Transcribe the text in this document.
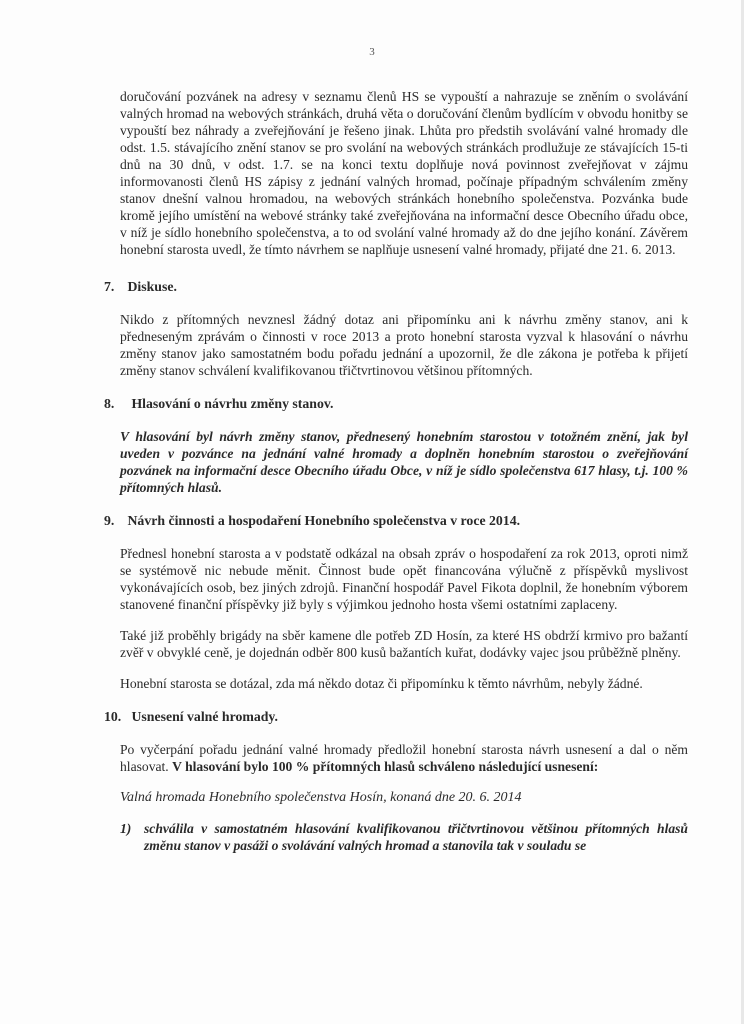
3

doručování pozvánek na adresy v seznamu členů HS se vypouští a nahrazuje se zněním o svolávání valných hromad na webových stránkách, druhá věta o doručování členům bydlícím v obvodu honitby se vypouští bez náhrady a zveřejňování je řešeno jinak. Lhůta pro předstih svolávání valné hromady dle odst. 1.5. stávajícího znění stanov se pro svolání na webových stránkách prodlužuje ze stávajících 15-ti dnů na 30 dnů, v odst. 1.7. se na konci textu doplňuje nová povinnost zveřejňovat v zájmu informovanosti členů HS zápisy z jednání valných hromad, počínaje případným schválením změny stanov dnešní valnou hromadou, na webových stránkách honebního společenstva. Pozvánka bude kromě jejího umístění na webové stránky také zveřejňována na informační desce Obecního úřadu obce, v níž je sídlo honebního společenstva, a to od svolání valné hromady až do dne jejího konání. Závěrem honební starosta uvedl, že tímto návrhem se naplňuje usnesení valné hromady, přijaté dne 21. 6. 2013.

7. Diskuse.

Nikdo z přítomných nevznesl žádný dotaz ani připomínku ani k návrhu změny stanov, ani k předneseným zprávám o činnosti v roce 2013 a proto honební starosta vyzval k hlasování o návrhu změny stanov jako samostatném bodu pořadu jednání a upozornil, že dle zákona je potřeba k přijetí změny stanov schválení kvalifikovanou třičtvrtinovou většinou přítomných.

8. Hlasování o návrhu změny stanov.

V hlasování byl návrh změny stanov, přednesený honebním starostou v totožném znění, jak byl uveden v pozvánce na jednání valné hromady a doplněn honebním starostou o zveřejňování pozvánek na informační desce Obecního úřadu Obce, v níž je sídlo společenstva 617 hlasy, t.j. 100 % přítomných hlasů.

9. Návrh činnosti a hospodaření Honebního společenstva v roce 2014.

Přednesl honební starosta a v podstatě odkázal na obsah zpráv o hospodaření za rok 2013, oproti nimž se systémově nic nebude měnit. Činnost bude opět financována výlučně z příspěvků myslivost vykonávajících osob, bez jiných zdrojů. Finanční hospodář Pavel Fikota doplnil, že honebním výborem stanovené finanční příspěvky již byly s výjimkou jednoho hosta všemi ostatními zaplaceny.

Také již proběhly brigády na sběr kamene dle potřeb ZD Hosín, za které HS obdrží krmivo pro bažantí zvěř v obvyklé ceně, je dojednán odběr 800 kusů bažantích kuřat, dodávky vajec jsou průběžně plněny.

Honební starosta se dotázal, zda má někdo dotaz či připomínku k těmto návrhům, nebyly žádné.

10. Usnesení valné hromady.

Po vyčerpání pořadu jednání valné hromady předložil honební starosta návrh usnesení a dal o něm hlasovat. V hlasování bylo 100 % přítomných hlasů schváleno následující usnesení:

Valná hromada Honebního společenstva Hosín, konaná dne 20. 6. 2014

1) schválila v samostatném hlasování kvalifikovanou třičtvrtinovou většinou přítomných hlasů změnu stanov v pasáži o svolávání valných hromad a stanovila tak v souladu se
